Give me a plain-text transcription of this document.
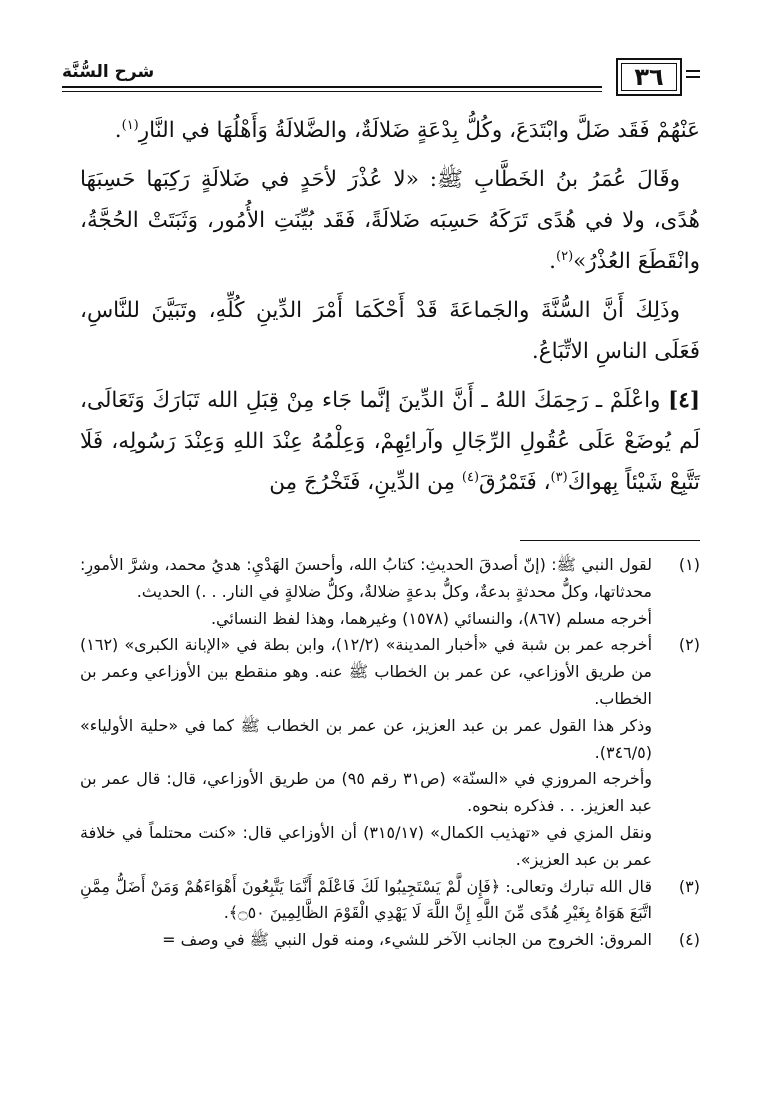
شرح السُّنَّة	٣٦

عَنْهُمْ فَقَد ضَلَّ وابْتَدَعَ، وكُلُّ بِدْعَةٍ ضَلالَةٌ، والضَّلالَةُ وَأَهْلُهَا في النَّارِ$^{(١)}$.

وقَالَ عُمَرُ بنُ الخَطَّابِ ﷺ: «لا عُذْرَ لأحَدٍ في ضَلالَةٍ رَكِبَها حَسِبَهَا هُدًى، ولا في هُدًى تَرَكَهُ حَسِبَه ضَلالَةً، فَقَد بُيِّنَتِ الأُمُور، وَثَبَتَتْ الحُجَّةُ، وانْقَطَعَ العُذْرُ»$^{(٢)}$.

وذَلِكَ أَنَّ السُّنَّةَ والجَماعَةَ قَدْ أَحْكَمَا أَمْرَ الدِّينِ كُلِّهِ، وتَبَيَّنَ للنَّاسِ، فَعَلَى الناسِ الاتِّبَاعُ.

[٤] واعْلَمْ ـ رَحِمَكَ اللهُ ـ أَنَّ الدِّينَ إنَّما جَاء مِنْ قِبَلِ الله تَبَارَكَ وَتَعَالَى، لَم يُوضَعْ عَلَى عُقُولِ الرِّجَالِ وآرائِهِمْ، وَعِلْمُهُ عِنْدَ اللهِ وَعِنْدَ رَسُولِه، فَلَا تَتَّبِعْ شَيْئاً بِهواكَ$^{(٣)}$، فَتَمْرُقَ$^{(٤)}$ مِن الدِّينِ، فَتَخْرُجَ مِن

(١)
لقول النبي ﷺ: (إنّ أصدقَ الحديثِ: كتابُ الله، وأحسنَ الهَدْيِ: هديُ محمد، وشرَّ الأمورِ: محدثاتها، وكلُّ محدثةٍ بدعةٌ، وكلُّ بدعةٍ ضلالةٌ، وكلُّ ضلالةٍ في النار. . .) الحديث.
أخرجه مسلم (٨٦٧)، والنسائي (١٥٧٨) وغيرهما، وهذا لفظ النسائي.
(٢)
أخرجه عمر بن شبة في «أخبار المدينة» (١٢/٢)، وابن بطة في «الإبانة الكبرى» (١٦٢) من طريق الأوزاعي، عن عمر بن الخطاب ﷺ عنه. وهو منقطع بين الأوزاعي وعمر بن الخطاب.
وذكر هذا القول عمر بن عبد العزيز، عن عمر بن الخطاب ﷺ كما في «حلية الأولياء» (٣٤٦/٥).
وأخرجه المروزي في «السنّة» (ص٣١ رقم ٩٥) من طريق الأوزاعي، قال: قال عمر بن عبد العزيز. . . فذكره بنحوه.
ونقل المزي في «تهذيب الكمال» (٣١٥/١٧) أن الأوزاعي قال: «كنت محتلماً في خلافة عمر بن عبد العزيز».
(٣)
قال الله تبارك وتعالى: ﴿فَإِن لَّمْ يَسْتَجِيبُوا لَكَ فَاعْلَمْ أَنَّمَا يَتَّبِعُونَ أَهْوَاءَهُمْ وَمَنْ أَضَلُّ مِمَّنِ اتَّبَعَ هَوَاهُ بِغَيْرِ هُدًى مِّنَ اللَّهِ إِنَّ اللَّهَ لَا يَهْدِي الْقَوْمَ الظَّالِمِينَ ۝٥٠﴾.
(٤)
المروق: الخروج من الجانب الآخر للشيء، ومنه قول النبي ﷺ في وصف =
